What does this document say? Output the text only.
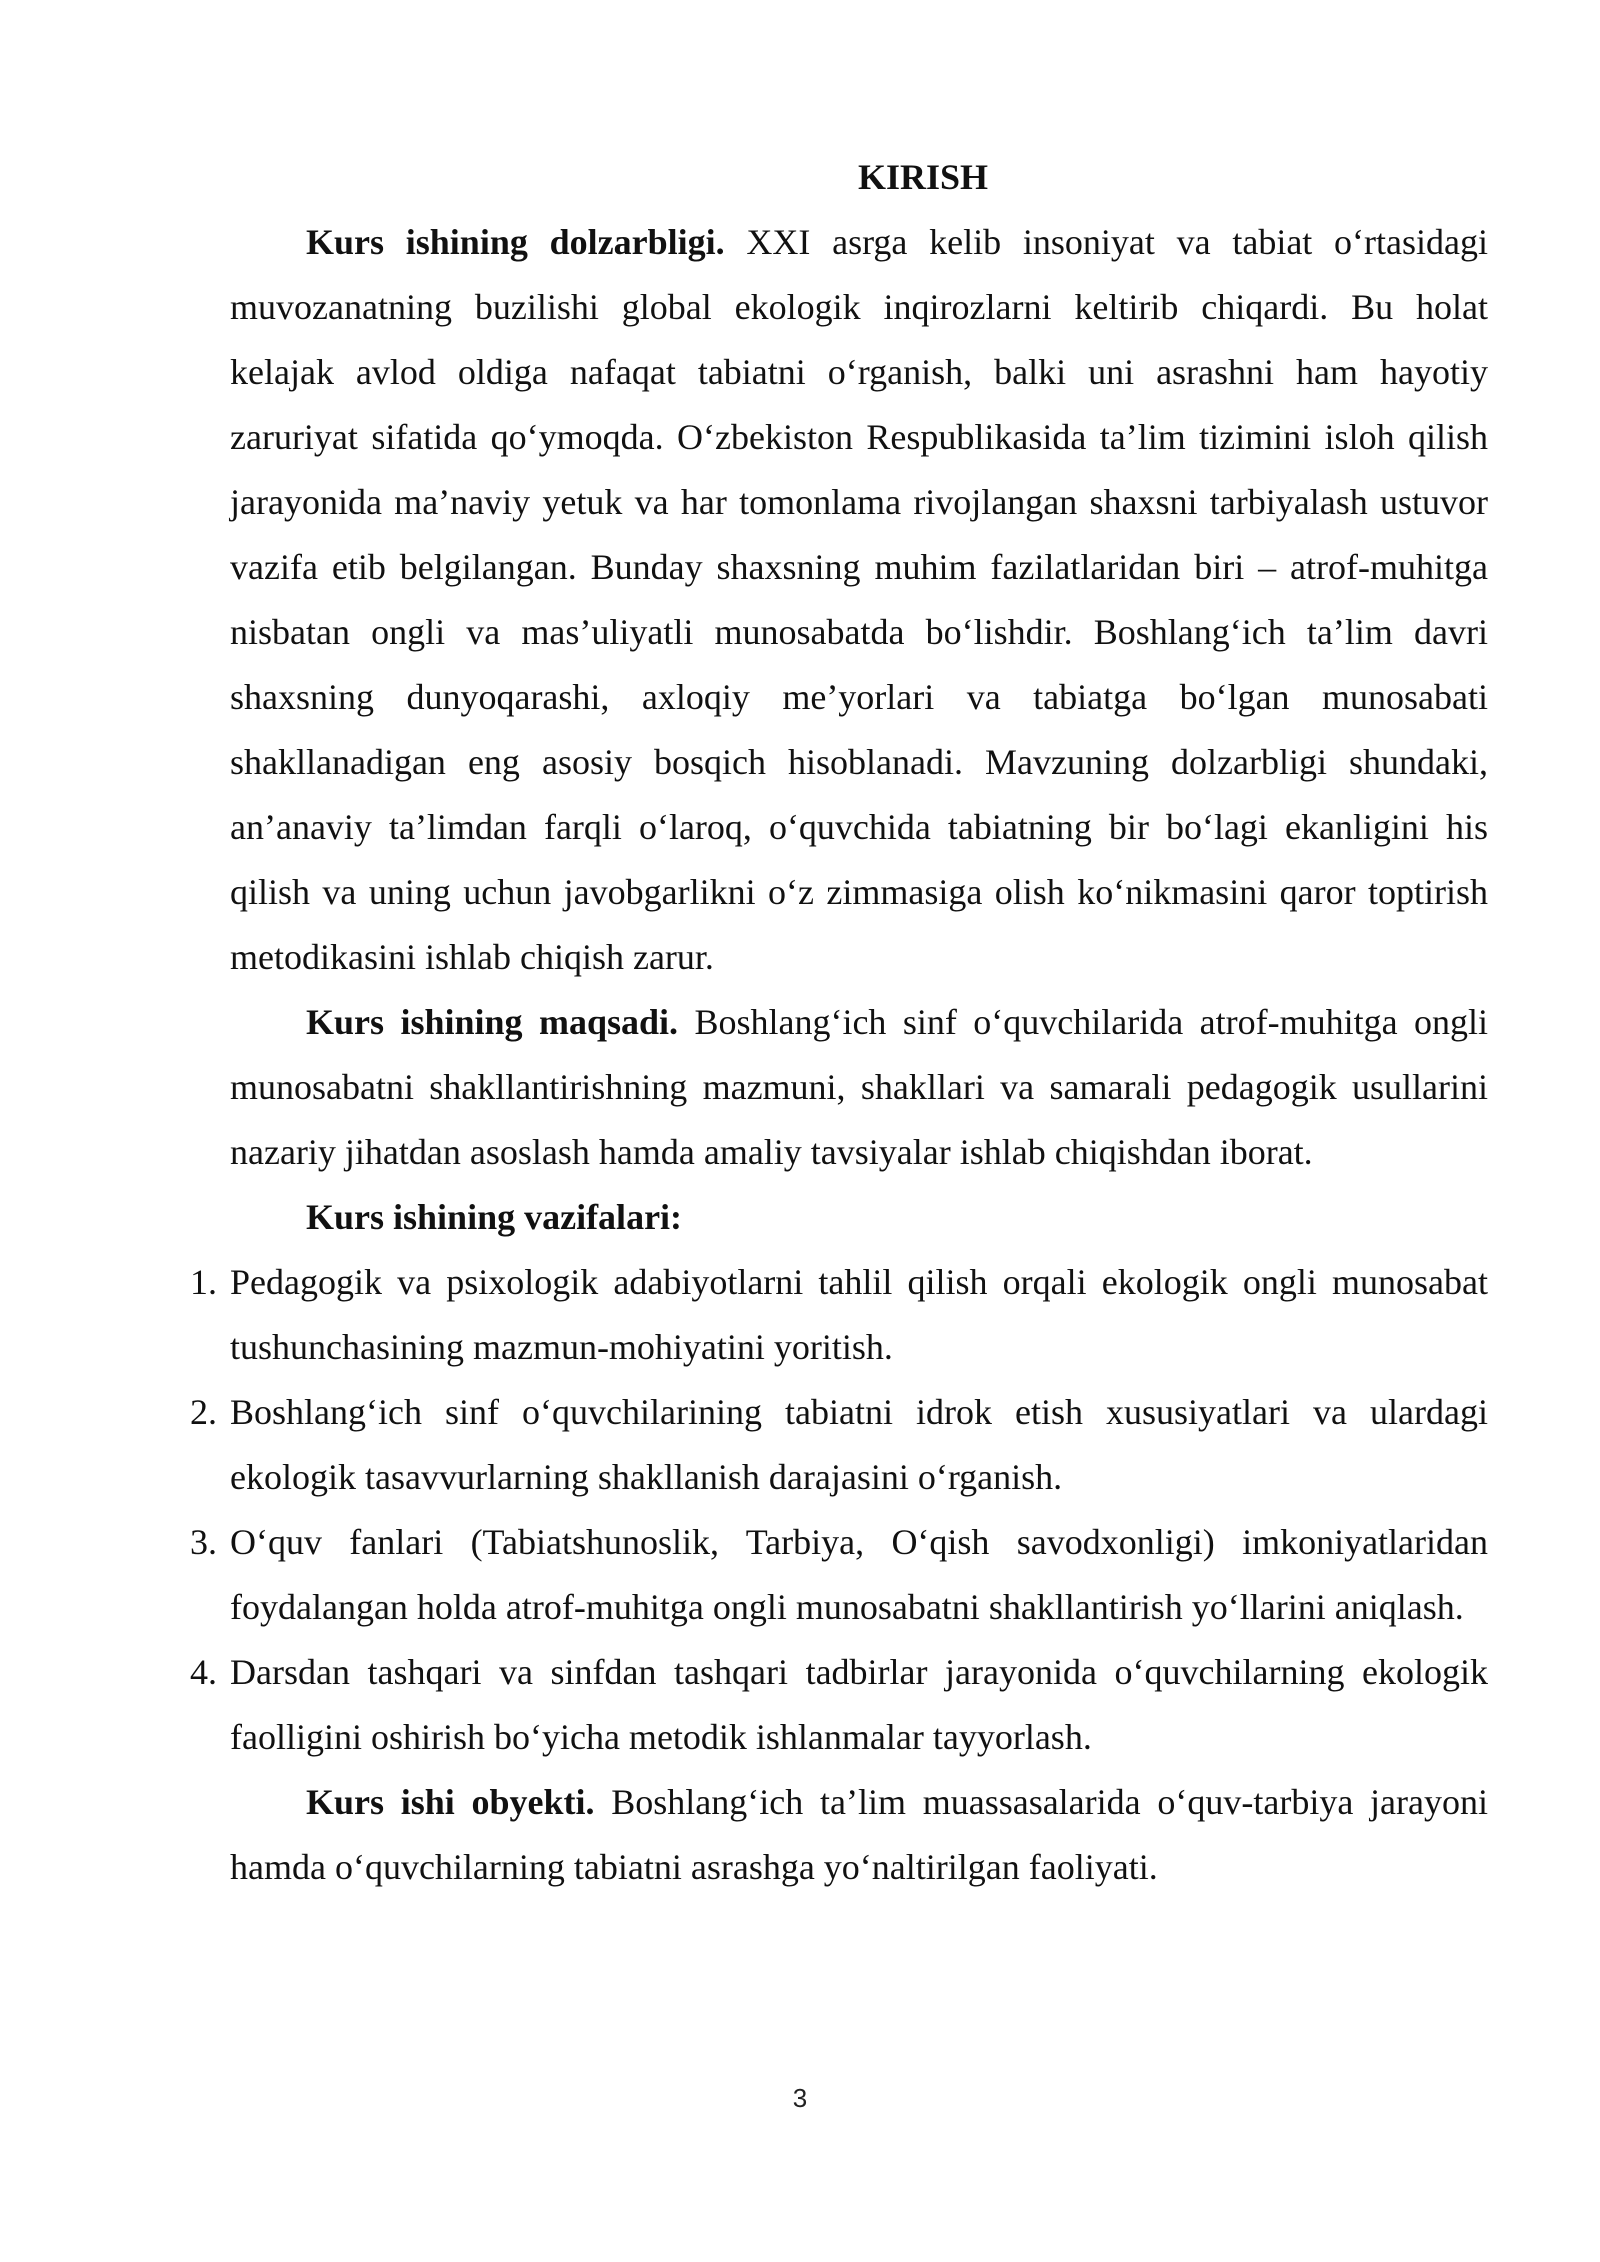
KIRISH

Kurs ishining dolzarbligi. XXI asrga kelib insoniyat va tabiat o‘rtasidagi muvozanatning buzilishi global ekologik inqirozlarni keltirib chiqardi. Bu holat kelajak avlod oldiga nafaqat tabiatni o‘rganish, balki uni asrashni ham hayotiy zaruriyat sifatida qo‘ymoqda. O‘zbekiston Respublikasida ta’lim tizimini isloh qilish jarayonida ma’naviy yetuk va har tomonlama rivojlangan shaxsni tarbiyalash ustuvor vazifa etib belgilangan. Bunday shaxsning muhim fazilatlaridan biri – atrof-muhitga nisbatan ongli va mas’uliyatli munosabatda bo‘lishdir. Boshlang‘ich ta’lim davri shaxsning dunyoqarashi, axloqiy me’yorlari va tabiatga bo‘lgan munosabati shakllanadigan eng asosiy bosqich hisoblanadi. Mavzuning dolzarbligi shundaki, an’anaviy ta’limdan farqli o‘laroq, o‘quvchida tabiatning bir bo‘lagi ekanligini his qilish va uning uchun javobgarlikni o‘z zimmasiga olish ko‘nikmasini qaror toptirish metodikasini ishlab chiqish zarur.

Kurs ishining maqsadi. Boshlang‘ich sinf o‘quvchilarida atrof-muhitga ongli munosabatni shakllantirishning mazmuni, shakllari va samarali pedagogik usullarini nazariy jihatdan asoslash hamda amaliy tavsiyalar ishlab chiqishdan iborat.

Kurs ishining vazifalari:

1. Pedagogik va psixologik adabiyotlarni tahlil qilish orqali ekologik ongli munosabat tushunchasining mazmun-mohiyatini yoritish.
2. Boshlang‘ich sinf o‘quvchilarining tabiatni idrok etish xususiyatlari va ulardagi ekologik tasavvurlarning shakllanish darajasini o‘rganish.
3. O‘quv fanlari (Tabiatshunoslik, Tarbiya, O‘qish savodxonligi) imkoniyatlaridan foydalangan holda atrof-muhitga ongli munosabatni shakllantirish yo‘llarini aniqlash.
4. Darsdan tashqari va sinfdan tashqari tadbirlar jarayonida o‘quvchilarning ekologik faolligini oshirish bo‘yicha metodik ishlanmalar tayyorlash.

Kurs ishi obyekti. Boshlang‘ich ta’lim muassasalarida o‘quv-tarbiya jarayoni hamda o‘quvchilarning tabiatni asrashga yo‘naltirilgan faoliyati.

3
